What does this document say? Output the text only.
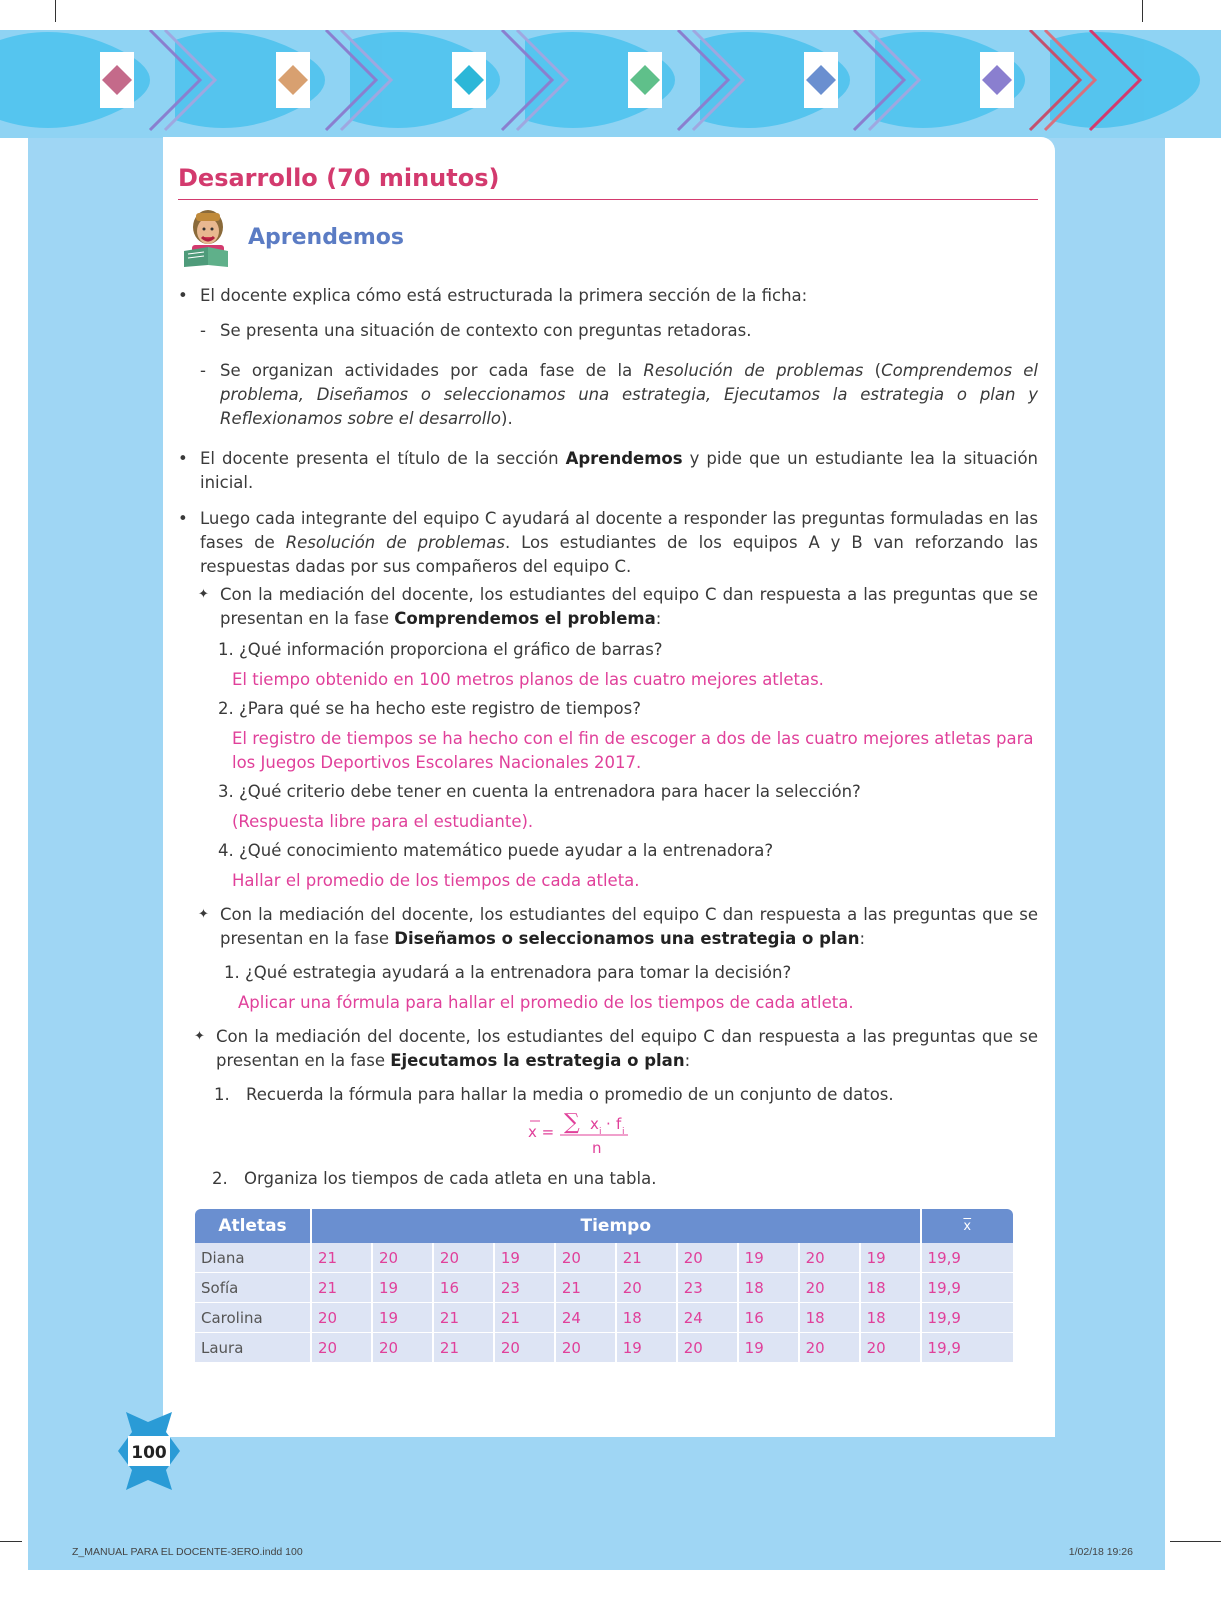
Desarrollo (70 minutos)
Aprendemos
• El docente explica cómo está estructurada la primera sección de la ficha:
- Se presenta una situación de contexto con preguntas retadoras.
- Se organizan actividades por cada fase de la Resolución de problemas (Comprendemos el problema, Diseñamos o seleccionamos una estrategia, Ejecutamos la estrategia o plan y Reflexionamos sobre el desarrollo).
• El docente presenta el título de la sección Aprendemos y pide que un estudiante lea la situación inicial.
• Luego cada integrante del equipo C ayudará al docente a responder las preguntas formuladas en las fases de Resolución de problemas. Los estudiantes de los equipos A y B van reforzando las respuestas dadas por sus compañeros del equipo C.
✦ Con la mediación del docente, los estudiantes del equipo C dan respuesta a las preguntas que se presentan en la fase Comprendemos el problema:
1. ¿Qué información proporciona el gráfico de barras?
El tiempo obtenido en 100 metros planos de las cuatro mejores atletas.
2. ¿Para qué se ha hecho este registro de tiempos?
El registro de tiempos se ha hecho con el fin de escoger a dos de las cuatro mejores atletas para los Juegos Deportivos Escolares Nacionales 2017.
3. ¿Qué criterio debe tener en cuenta la entrenadora para hacer la selección?
(Respuesta libre para el estudiante).
4. ¿Qué conocimiento matemático puede ayudar a la entrenadora?
Hallar el promedio de los tiempos de cada atleta.
✦ Con la mediación del docente, los estudiantes del equipo C dan respuesta a las preguntas que se presentan en la fase Diseñamos o seleccionamos una estrategia o plan:
1. ¿Qué estrategia ayudará a la entrenadora para tomar la decisión?
Aplicar una fórmula para hallar el promedio de los tiempos de cada atleta.
✦ Con la mediación del docente, los estudiantes del equipo C dan respuesta a las preguntas que se presentan en la fase Ejecutamos la estrategia o plan:
1. Recuerda la fórmula para hallar la media o promedio de un conjunto de datos.
x = ∑ x i · f i
n
2. Organiza los tiempos de cada atleta en una tabla.
Atletas	Tiempo										$\overline{x}$
Diana	21	20	20	19	20	21	20	19	20	19	19,9
Sofía	21	19	16	23	21	20	23	18	20	18	19,9
Carolina	20	19	21	21	24	18	24	16	18	18	19,9
Laura	20	20	21	20	20	19	20	19	20	20	19,9
100
Z_MANUAL PARA EL DOCENTE-3ERO.indd 100	1/02/18 19:26
